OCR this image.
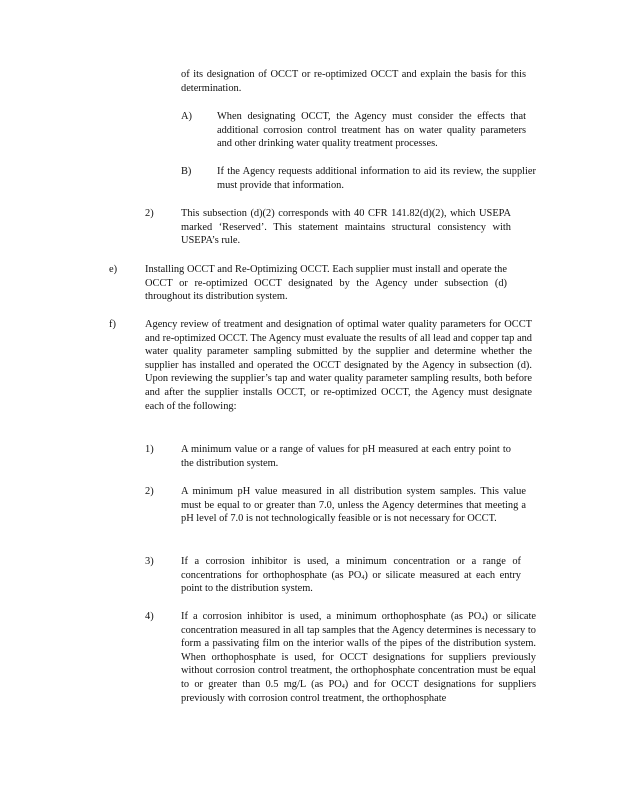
of its designation of OCCT or re-optimized OCCT and explain the basis for this determination.

A) When designating OCCT, the Agency must consider the effects that additional corrosion control treatment has on water quality parameters and other drinking water quality treatment processes.

B) If the Agency requests additional information to aid its review, the supplier must provide that information.

2)	This subsection (d)(2) corresponds with 40 CFR 141.82(d)(2), which USEPA marked ‘Reserved’. This statement maintains structural consistency with USEPA’s rule.

e)	Installing OCCT and Re-Optimizing OCCT. Each supplier must install and operate the OCCT or re-optimized OCCT designated by the Agency under subsection (d) throughout its distribution system.

f)	Agency review of treatment and designation of optimal water quality parameters for OCCT and re-optimized OCCT. The Agency must evaluate the results of all lead and copper tap and water quality parameter sampling submitted by the supplier and determine whether the supplier has installed and operated the OCCT designated by the Agency in subsection (d). Upon reviewing the supplier’s tap and water quality parameter sampling results, both before and after the supplier installs OCCT, or re-optimized OCCT, the Agency must designate each of the following:

1)	A minimum value or a range of values for pH measured at each entry point to the distribution system.

2)	A minimum pH value measured in all distribution system samples. This value must be equal to or greater than 7.0, unless the Agency determines that meeting a pH level of 7.0 is not technologically feasible or is not necessary for OCCT.

3)	If a corrosion inhibitor is used, a minimum concentration or a range of concentrations for orthophosphate (as $PO_4$) or silicate measured at each entry point to the distribution system.

4)	If a corrosion inhibitor is used, a minimum orthophosphate (as $PO_4$) or silicate concentration measured in all tap samples that the Agency determines is necessary to form a passivating film on the interior walls of the pipes of the distribution system. When orthophosphate is used, for OCCT designations for suppliers previously without corrosion control treatment, the orthophosphate concentration must be equal to or greater than 0.5 mg/L (as $PO_4$) and for OCCT designations for suppliers previously with corrosion control treatment, the orthophosphate
